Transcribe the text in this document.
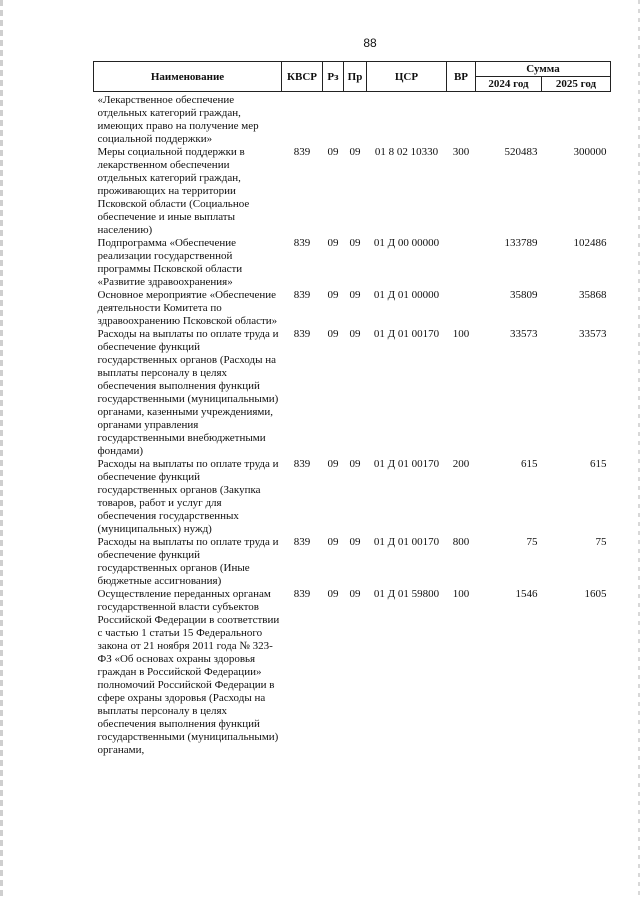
88
Наименование	КВСР	Рз	Пр	ЦСР	ВР	Сумма	
						2024 год	2025 год
«Лекарственное обеспечение отдельных категорий граждан, имеющих право на получение мер социальной поддержки»							
Меры социальной поддержки в лекарственном обеспечении отдельных категорий граждан, проживающих на территории Псковской области (Социальное обеспечение и иные выплаты населению)	839	09	09	01 8 02 10330	300	520483	300000
Подпрограмма «Обеспечение реализации государственной программы Псковской области «Развитие здравоохранения»	839	09	09	01 Д 00 00000		133789	102486
Основное мероприятие «Обеспечение деятельности Комитета по здравоохранению Псковской области»	839	09	09	01 Д 01 00000		35809	35868
Расходы на выплаты по оплате труда и обеспечение функций государственных органов (Расходы на выплаты персоналу в целях обеспечения выполнения функций государственными (муниципальными) органами, казенными учреждениями, органами управления государственными внебюджетными фондами)	839	09	09	01 Д 01 00170	100	33573	33573
Расходы на выплаты по оплате труда и обеспечение функций государственных органов (Закупка товаров, работ и услуг для обеспечения государственных (муниципальных) нужд)	839	09	09	01 Д 01 00170	200	615	615
Расходы на выплаты по оплате труда и обеспечение функций государственных органов (Иные бюджетные ассигнования)	839	09	09	01 Д 01 00170	800	75	75
Осуществление переданных органам государственной власти субъектов Российской Федерации в соответствии с частью 1 статьи 15 Федерального закона от 21 ноября 2011 года № 323-ФЗ «Об основах охраны здоровья граждан в Российской Федерации» полномочий Российской Федерации в сфере охраны здоровья (Расходы на выплаты персоналу в целях обеспечения выполнения функций государственными (муниципальными) органами,	839	09	09	01 Д 01 59800	100	1546	1605
